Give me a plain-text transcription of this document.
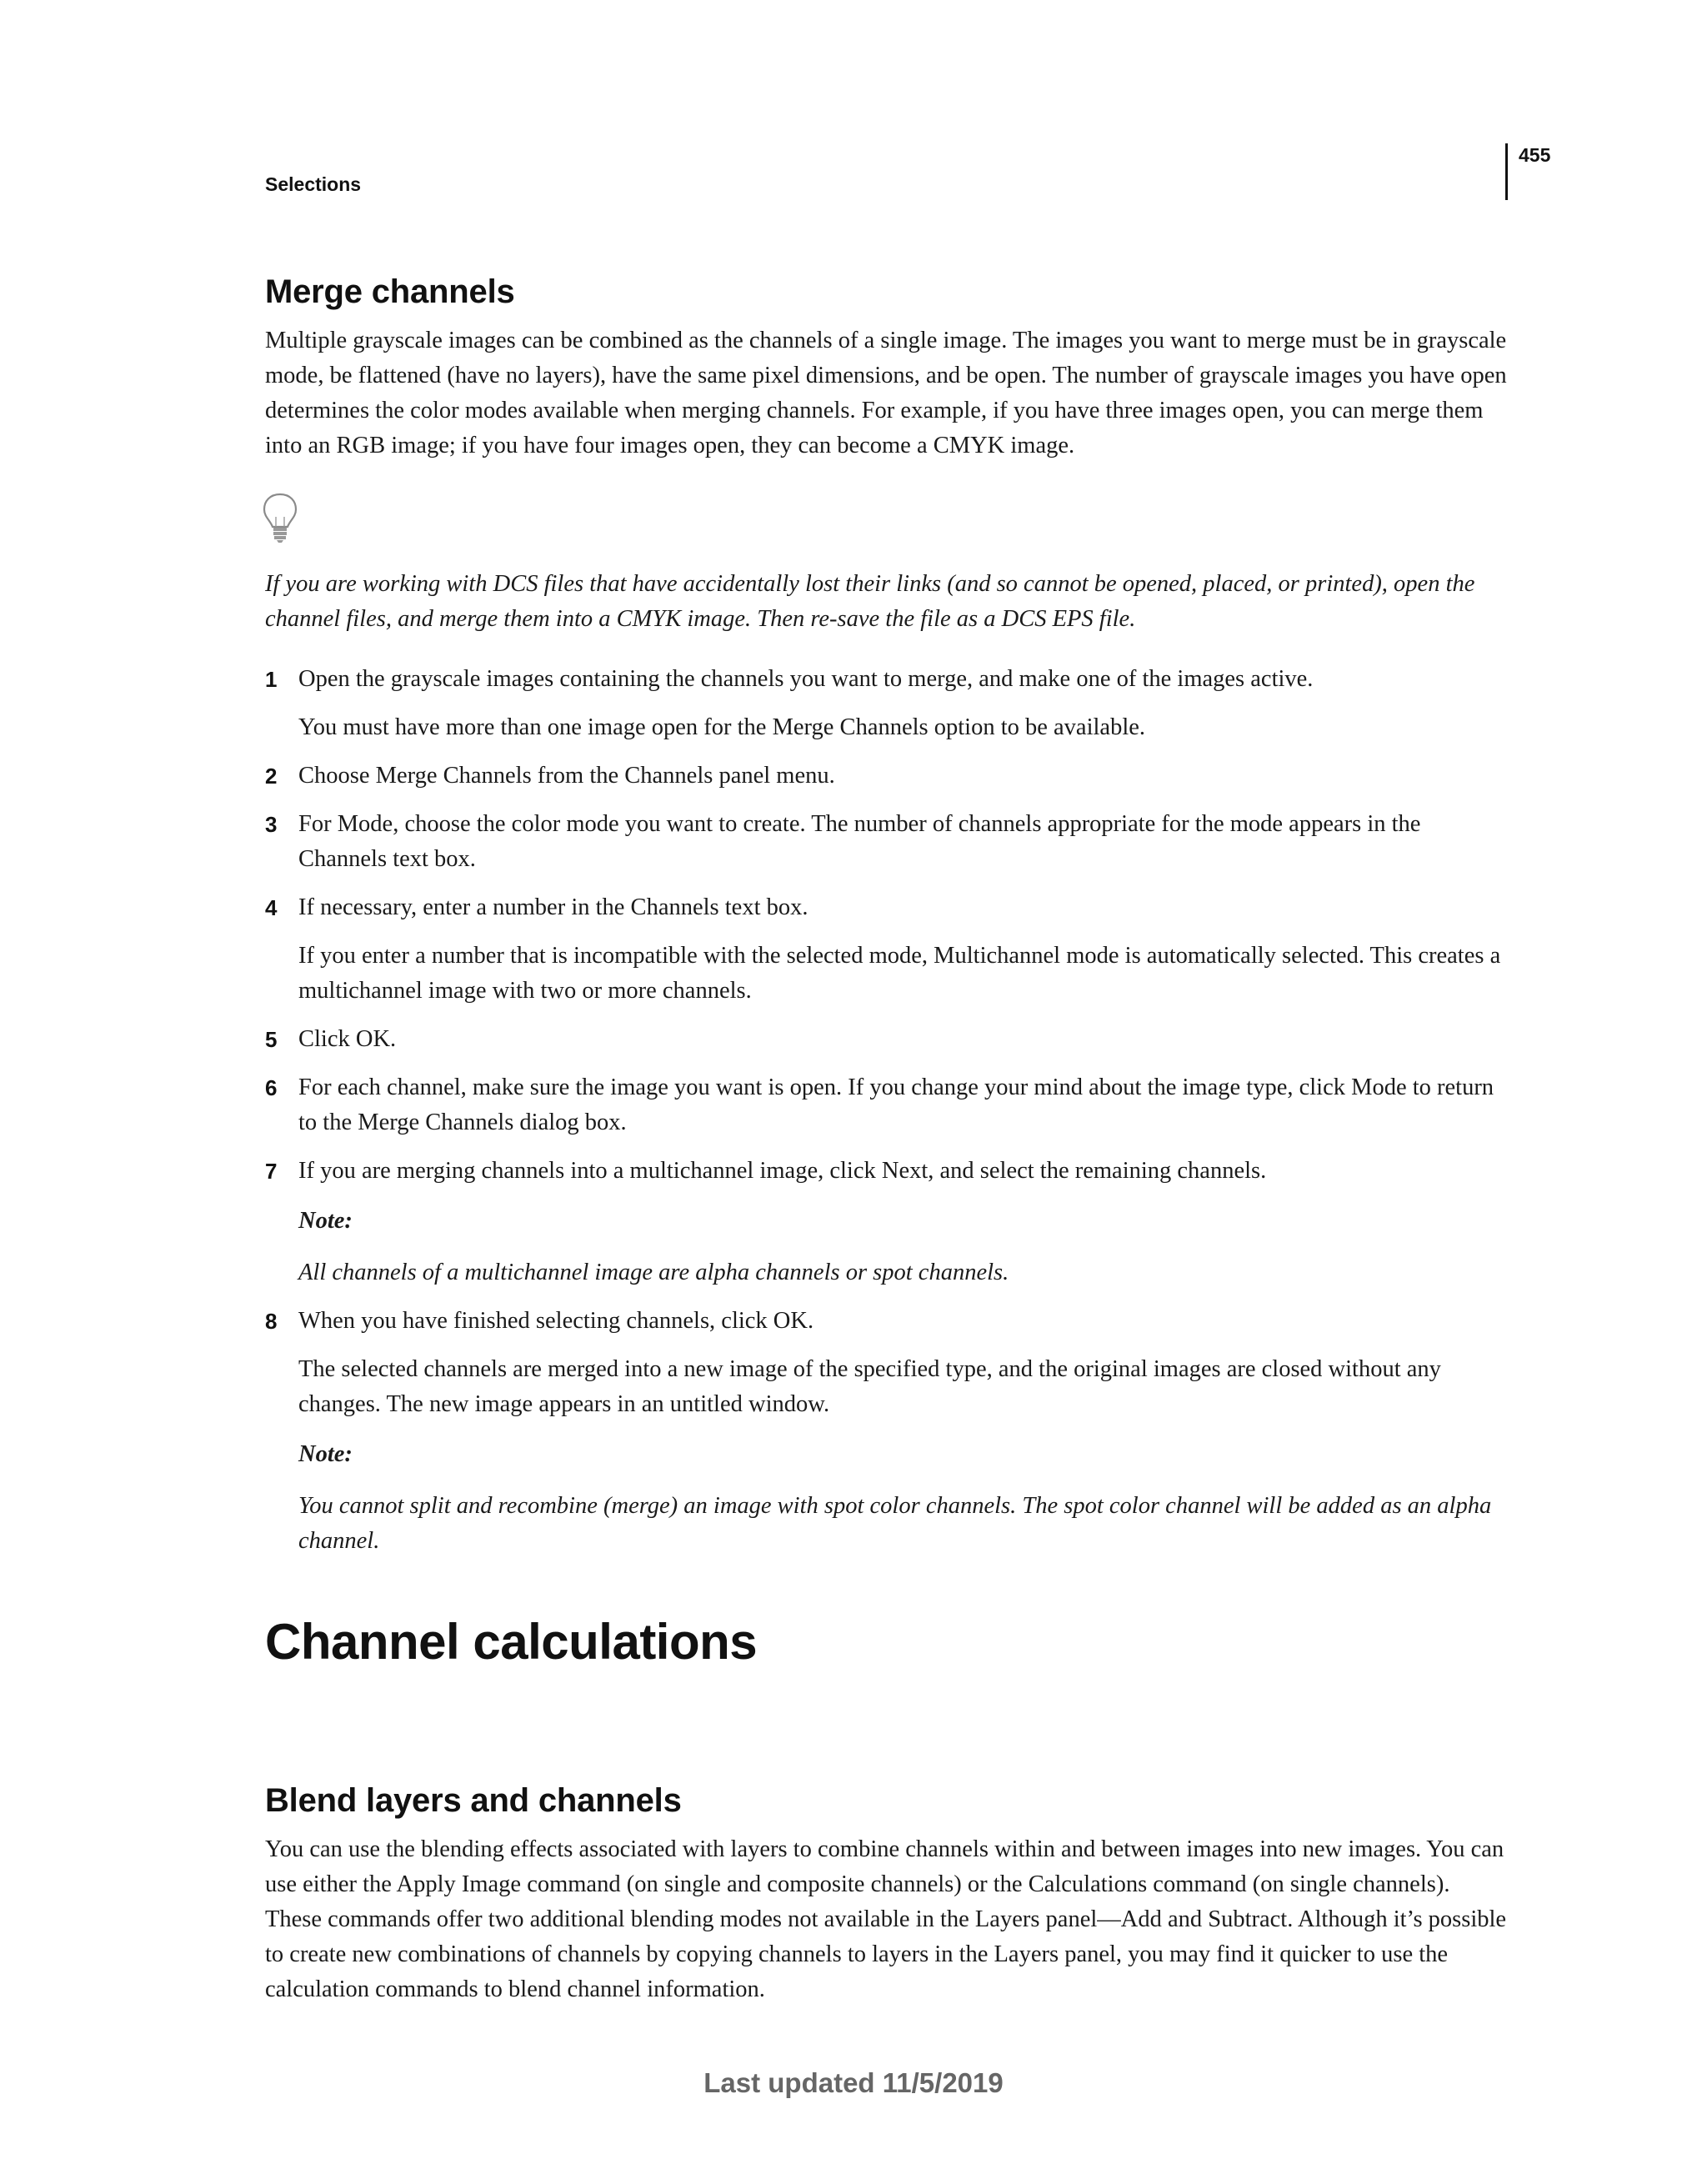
Selections
455
Merge channels

Multiple grayscale images can be combined as the channels of a single image. The images you want to merge must be in grayscale mode, be flattened (have no layers), have the same pixel dimensions, and be open. The number of grayscale images you have open determines the color modes available when merging channels. For example, if you have three images open, you can merge them into an RGB image; if you have four images open, they can become a CMYK image.

If you are working with DCS files that have accidentally lost their links (and so cannot be opened, placed, or printed), open the channel files, and merge them into a CMYK image. Then re-save the file as a DCS EPS file.

1 Open the grayscale images containing the channels you want to merge, and make one of the images active.

You must have more than one image open for the Merge Channels option to be available.

2 Choose Merge Channels from the Channels panel menu.

3 For Mode, choose the color mode you want to create. The number of channels appropriate for the mode appears in the Channels text box.

4 If necessary, enter a number in the Channels text box.

If you enter a number that is incompatible with the selected mode, Multichannel mode is automatically selected. This creates a multichannel image with two or more channels.

5 Click OK.

6 For each channel, make sure the image you want is open. If you change your mind about the image type, click Mode to return to the Merge Channels dialog box.

7 If you are merging channels into a multichannel image, click Next, and select the remaining channels.

Note:

All channels of a multichannel image are alpha channels or spot channels.

8 When you have finished selecting channels, click OK.

The selected channels are merged into a new image of the specified type, and the original images are closed without any changes. The new image appears in an untitled window.

Note:

You cannot split and recombine (merge) an image with spot color channels. The spot color channel will be added as an alpha channel.

Channel calculations
Blend layers and channels

You can use the blending effects associated with layers to combine channels within and between images into new images. You can use either the Apply Image command (on single and composite channels) or the Calculations command (on single channels). These commands offer two additional blending modes not available in the Layers panel—Add and Subtract. Although it’s possible to create new combinations of channels by copying channels to layers in the Layers panel, you may find it quicker to use the calculation commands to blend channel information.

Last updated 11/5/2019
